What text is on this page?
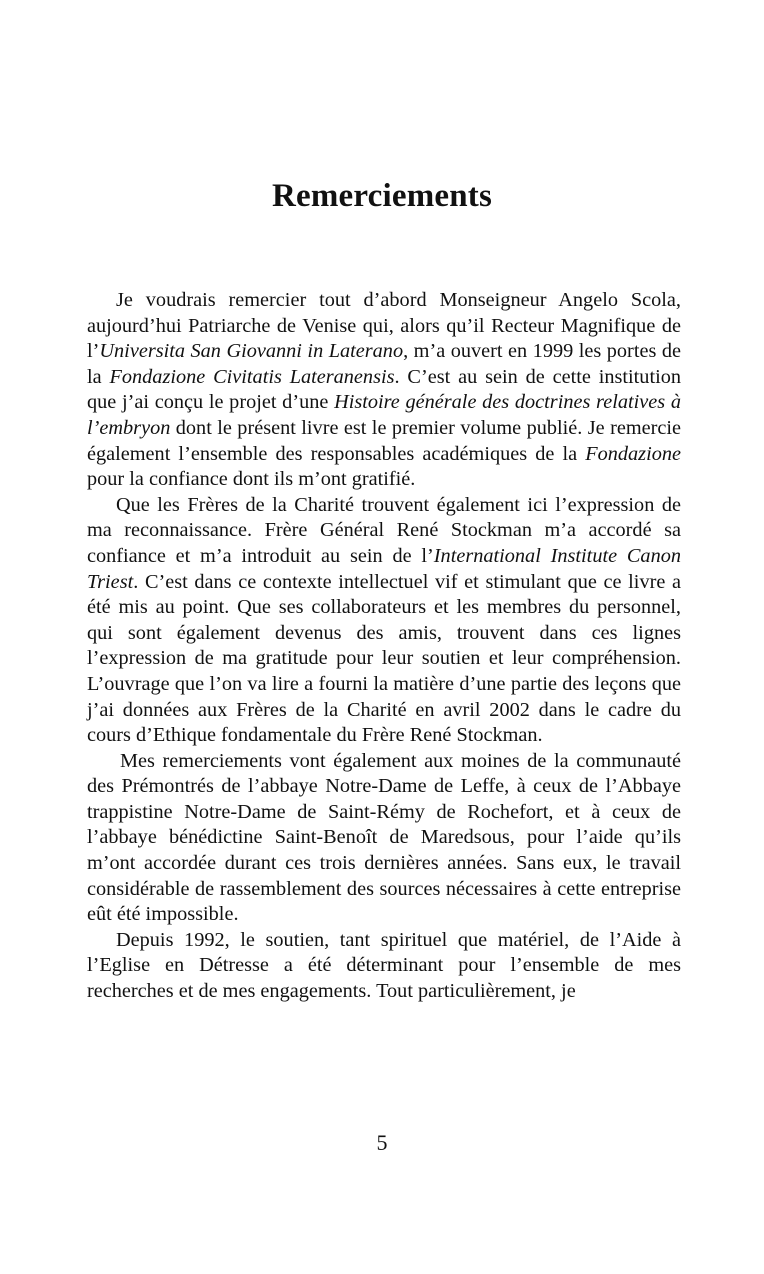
Remerciements

Je voudrais remercier tout d’abord Monseigneur Angelo Scola, aujourd’hui Patriarche de Venise qui, alors qu’il Recteur Magnifique de l’Universita San Giovanni in Laterano, m’a ouvert en 1999 les portes de la Fondazione Civitatis Lateranensis. C’est au sein de cette institution que j’ai conçu le projet d’une Histoire générale des doctrines relatives à l’embryon dont le présent livre est le premier volume publié. Je remercie également l’ensemble des responsables académiques de la Fondazione pour la confiance dont ils m’ont gratifié.

Que les Frères de la Charité trouvent également ici l’expression de ma reconnaissance. Frère Général René Stockman m’a accordé sa confiance et m’a introduit au sein de l’International Institute Canon Triest. C’est dans ce contexte intellectuel vif et stimulant que ce livre a été mis au point. Que ses collaborateurs et les membres du personnel, qui sont également devenus des amis, trouvent dans ces lignes l’expression de ma gratitude pour leur soutien et leur compréhension. L’ouvrage que l’on va lire a fourni la matière d’une partie des leçons que j’ai données aux Frères de la Charité en avril 2002 dans le cadre du cours d’Ethique fondamentale du Frère René Stockman.

Mes remerciements vont également aux moines de la communauté des Prémontrés de l’abbaye Notre-Dame de Leffe, à ceux de l’Abbaye trappistine Notre-Dame de Saint-Rémy de Rochefort, et à ceux de l’abbaye bénédictine Saint-Benoît de Maredsous, pour l’aide qu’ils m’ont accordée durant ces trois dernières années. Sans eux, le travail considérable de rassemblement des sources nécessaires à cette entreprise eût été impossible.

Depuis 1992, le soutien, tant spirituel que matériel, de l’Aide à l’Eglise en Détresse a été déterminant pour l’ensemble de mes recherches et de mes engagements. Tout particulièrement, je

5
